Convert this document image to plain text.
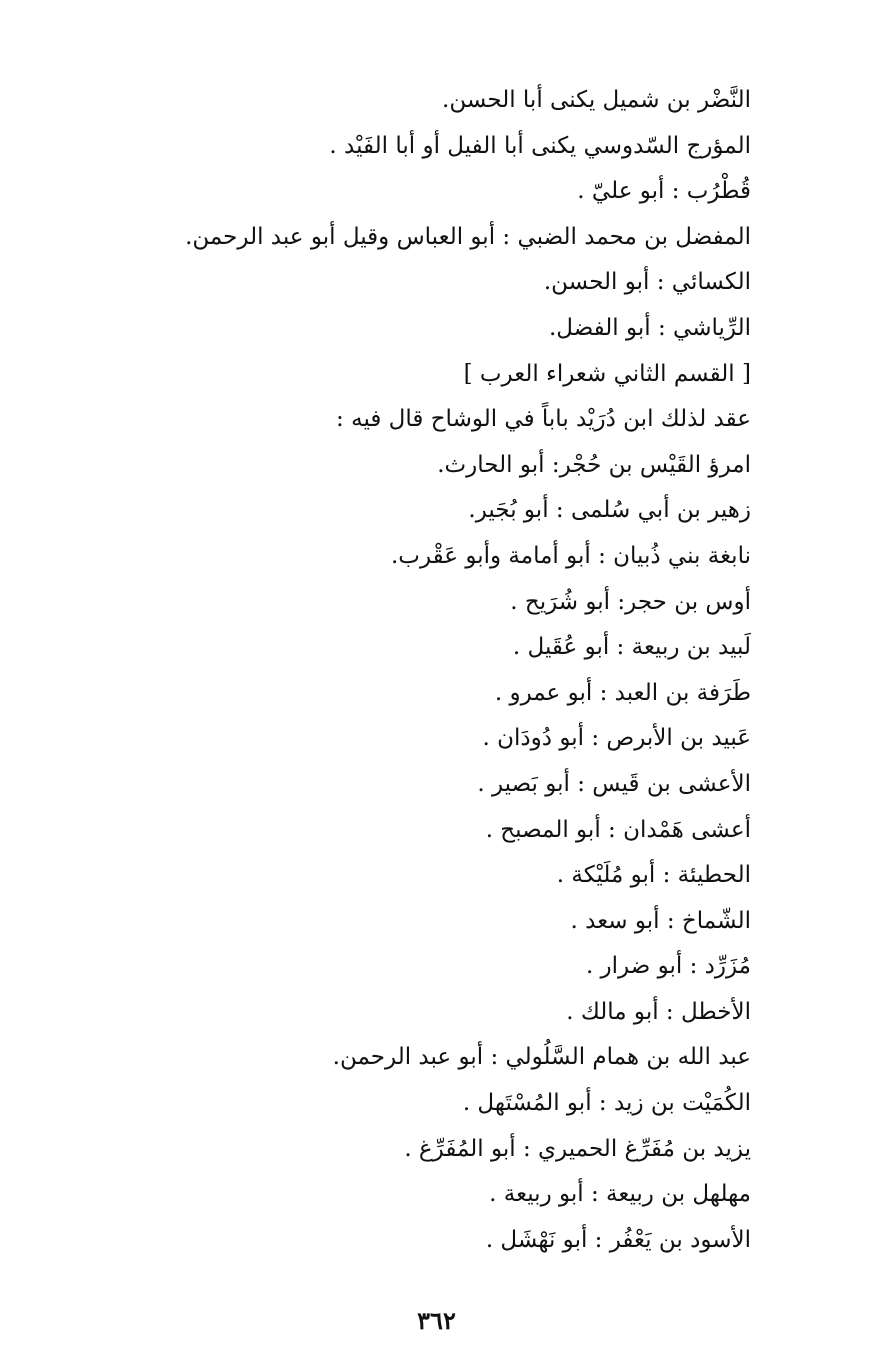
النَّضْر بن شميل يكنى أبا الحسن.
المؤرج السّدوسي يكنى أبا الفيل أو أبا الفَيْد .
قُطْرُب : أبو عليّ .
المفضل بن محمد الضبي : أبو العباس وقيل أبو عبد الرحمن.
الكسائي : أبو الحسن.
الرِّياشي : أبو الفضل.
[ القسم الثاني شعراء العرب ]
عقد لذلك ابن دُرَيْد باباً في الوشاح قال فيه :
امرؤ القَيْس بن حُجْر: أبو الحارث.
زهير بن أبي سُلمى : أبو بُجَير.
نابغة بني ذُبيان : أبو أمامة وأبو عَقْرب.
أوس بن حجر: أبو شُرَيح .
لَبيد بن ربيعة : أبو عُقَيل .
طَرَفة بن العبد : أبو عمرو .
عَبيد بن الأبرص : أبو دُودَان .
الأعشى بن قَيس : أبو بَصير .
أعشى هَمْدان : أبو المصبح .
الحطيئة : أبو مُلَيْكة .
الشّماخ : أبو سعد .
مُزَرِّد : أبو ضرار .
الأخطل : أبو مالك .
عبد الله بن همام السَّلُولي : أبو عبد الرحمن.
الكُمَيْت بن زيد : أبو المُسْتَهل .
يزيد بن مُفَرِّغ الحميري : أبو المُفَرِّغ .
مهلهل بن ربيعة : أبو ربيعة .
الأسود بن يَعْفُر : أبو نَهْشَل .
٣٦٢
